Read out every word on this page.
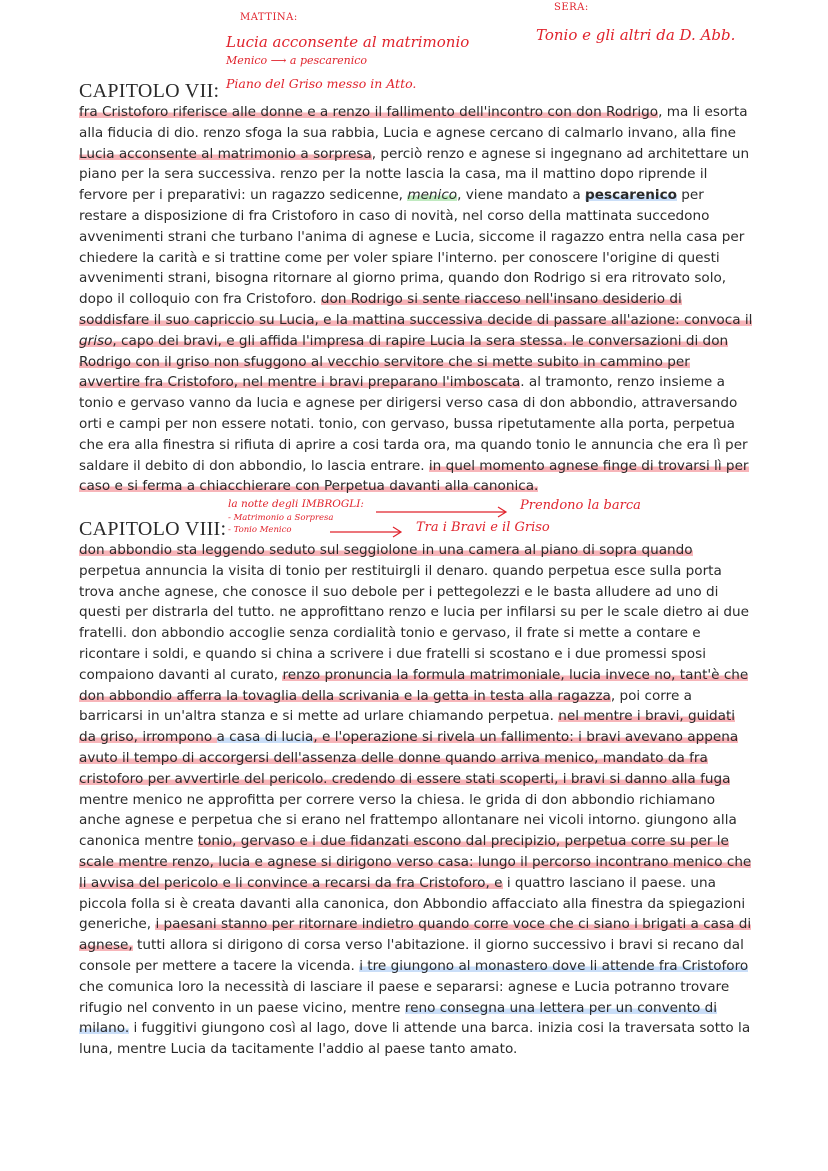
MATTINA:
Lucia acconsente al matrimonio
Menico ⟶ a pescarenico
Piano del Griso messo in Atto.
SERA:
Tonio e gli altri da D. Abb.
CAPITOLO VII:
fra Cristoforo riferisce alle donne e a renzo il fallimento dell'incontro con don Rodrigo, ma li esorta alla fiducia di dio. renzo sfoga la sua rabbia, Lucia e agnese cercano di calmarlo invano, alla fine Lucia acconsente al matrimonio a sorpresa, perciò renzo e agnese si ingegnano ad architettare un piano per la sera successiva. renzo per la notte lascia la casa, ma il mattino dopo riprende il fervore per i preparativi: un ragazzo sedicenne, menico, viene mandato a pescarenico per restare a disposizione di fra Cristoforo in caso di novità, nel corso della mattinata succedono avvenimenti strani che turbano l'anima di agnese e Lucia, siccome il ragazzo entra nella casa per chiedere la carità e si trattine come per voler spiare l'interno. per conoscere l'origine di questi avvenimenti strani, bisogna ritornare al giorno prima, quando don Rodrigo si era ritrovato solo, dopo il colloquio con fra Cristoforo. don Rodrigo si sente riacceso nell'insano desiderio di soddisfare il suo capriccio su Lucia, e la mattina successiva decide di passare all'azione: convoca il griso, capo dei bravi, e gli affida l'impresa di rapire Lucia la sera stessa. le conversazioni di don Rodrigo con il griso non sfuggono al vecchio servitore che si mette subito in cammino per avvertire fra Cristoforo, nel mentre i bravi preparano l'imboscata. al tramonto, renzo insieme a tonio e gervaso vanno da lucia e agnese per dirigersi verso casa di don abbondio, attraversando orti e campi per non essere notati. tonio, con gervaso, bussa ripetutamente alla porta, perpetua che era alla finestra si rifiuta di aprire a cosi tarda ora, ma quando tonio le annuncia che era lì per saldare il debito di don abbondio, lo lascia entrare. in quel momento agnese finge di trovarsi lì per caso e si ferma a chiacchierare con Perpetua davanti alla canonica.
la notte degli IMBROGLI:
- Matrimonio a Sorpresa
- Tonio Menico
Prendono la barca
Tra i Bravi e il Griso
CAPITOLO VIII:
don abbondio sta leggendo seduto sul seggiolone in una camera al piano di sopra quando perpetua annuncia la visita di tonio per restituirgli il denaro. quando perpetua esce sulla porta trova anche agnese, che conosce il suo debole per i pettegolezzi e le basta alludere ad uno di questi per distrarla del tutto. ne approfittano renzo e lucia per infilarsi su per le scale dietro ai due fratelli. don abbondio accoglie senza cordialità tonio e gervaso, il frate si mette a contare e ricontare i soldi, e quando si china a scrivere i due fratelli si scostano e i due promessi sposi compaiono davanti al curato, renzo pronuncia la formula matrimoniale, lucia invece no, tant'è che don abbondio afferra la tovaglia della scrivania e la getta in testa alla ragazza, poi corre a barricarsi in un'altra stanza e si mette ad urlare chiamando perpetua. nel mentre i bravi, guidati da griso, irrompono a casa di lucia, e l'operazione si rivela un fallimento: i bravi avevano appena avuto il tempo di accorgersi dell'assenza delle donne quando arriva menico, mandato da fra cristoforo per avvertirle del pericolo. credendo di essere stati scoperti, i bravi si danno alla fuga mentre menico ne approfitta per correre verso la chiesa. le grida di don abbondio richiamano anche agnese e perpetua che si erano nel frattempo allontanare nei vicoli intorno. giungono alla canonica mentre tonio, gervaso e i due fidanzati escono dal precipizio, perpetua corre su per le scale mentre renzo, lucia e agnese si dirigono verso casa: lungo il percorso incontrano menico che li avvisa del pericolo e li convince a recarsi da fra Cristoforo, e i quattro lasciano il paese. una piccola folla si è creata davanti alla canonica, don Abbondio affacciato alla finestra da spiegazioni generiche, i paesani stanno per ritornare indietro quando corre voce che ci siano i brigati a casa di agnese, tutti allora si dirigono di corsa verso l'abitazione. il giorno successivo i bravi si recano dal console per mettere a tacere la vicenda. i tre giungono al monastero dove li attende fra Cristoforo che comunica loro la necessità di lasciare il paese e separarsi: agnese e Lucia potranno trovare rifugio nel convento in un paese vicino, mentre reno consegna una lettera per un convento di milano. i fuggitivi giungono così al lago, dove li attende una barca. inizia cosi la traversata sotto la luna, mentre Lucia da tacitamente l'addio al paese tanto amato.
